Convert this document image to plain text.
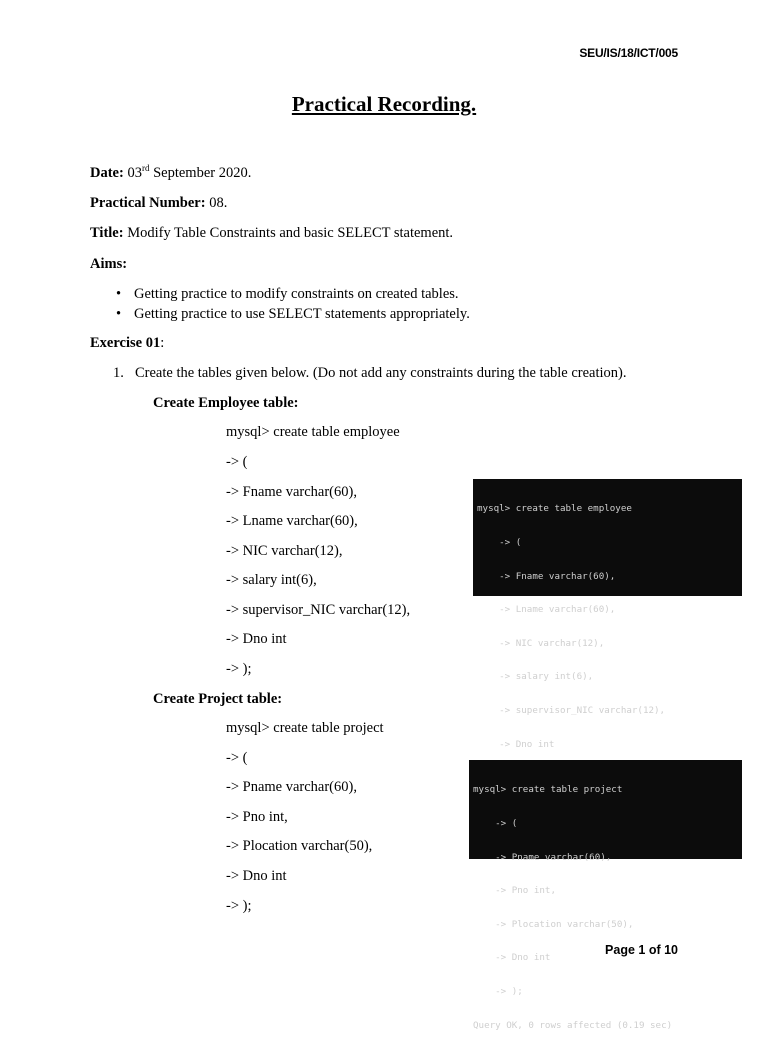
SEU/IS/18/ICT/005
Practical Recording.
Date: 03rd September 2020.
Practical Number: 08.
Title: Modify Table Constraints and basic SELECT statement.
Aims:
• Getting practice to modify constraints on created tables.
• Getting practice to use SELECT statements appropriately.
Exercise 01:
1. Create the tables given below. (Do not add any constraints during the table creation).
Create Employee table:
mysql> create table employee
-> (
-> Fname varchar(60),
-> Lname varchar(60),
-> NIC varchar(12),
-> salary int(6),
-> supervisor_NIC varchar(12),
-> Dno int
-> );

mysql> create table employee

-> (

-> Fname varchar(60),

-> Lname varchar(60),

-> NIC varchar(12),

-> salary int(6),

-> supervisor_NIC varchar(12),

-> Dno int

Create Project table:
mysql> create table project
-> (
-> Pname varchar(60),
-> Pno int,
-> Plocation varchar(50),
-> Dno int
-> );

mysql> create table project

-> (

-> Pname varchar(60),

-> Pno int,

-> Plocation varchar(50),

-> Dno int

-> );

Query OK, 0 rows affected (0.19 sec)

Page 1 of 10
